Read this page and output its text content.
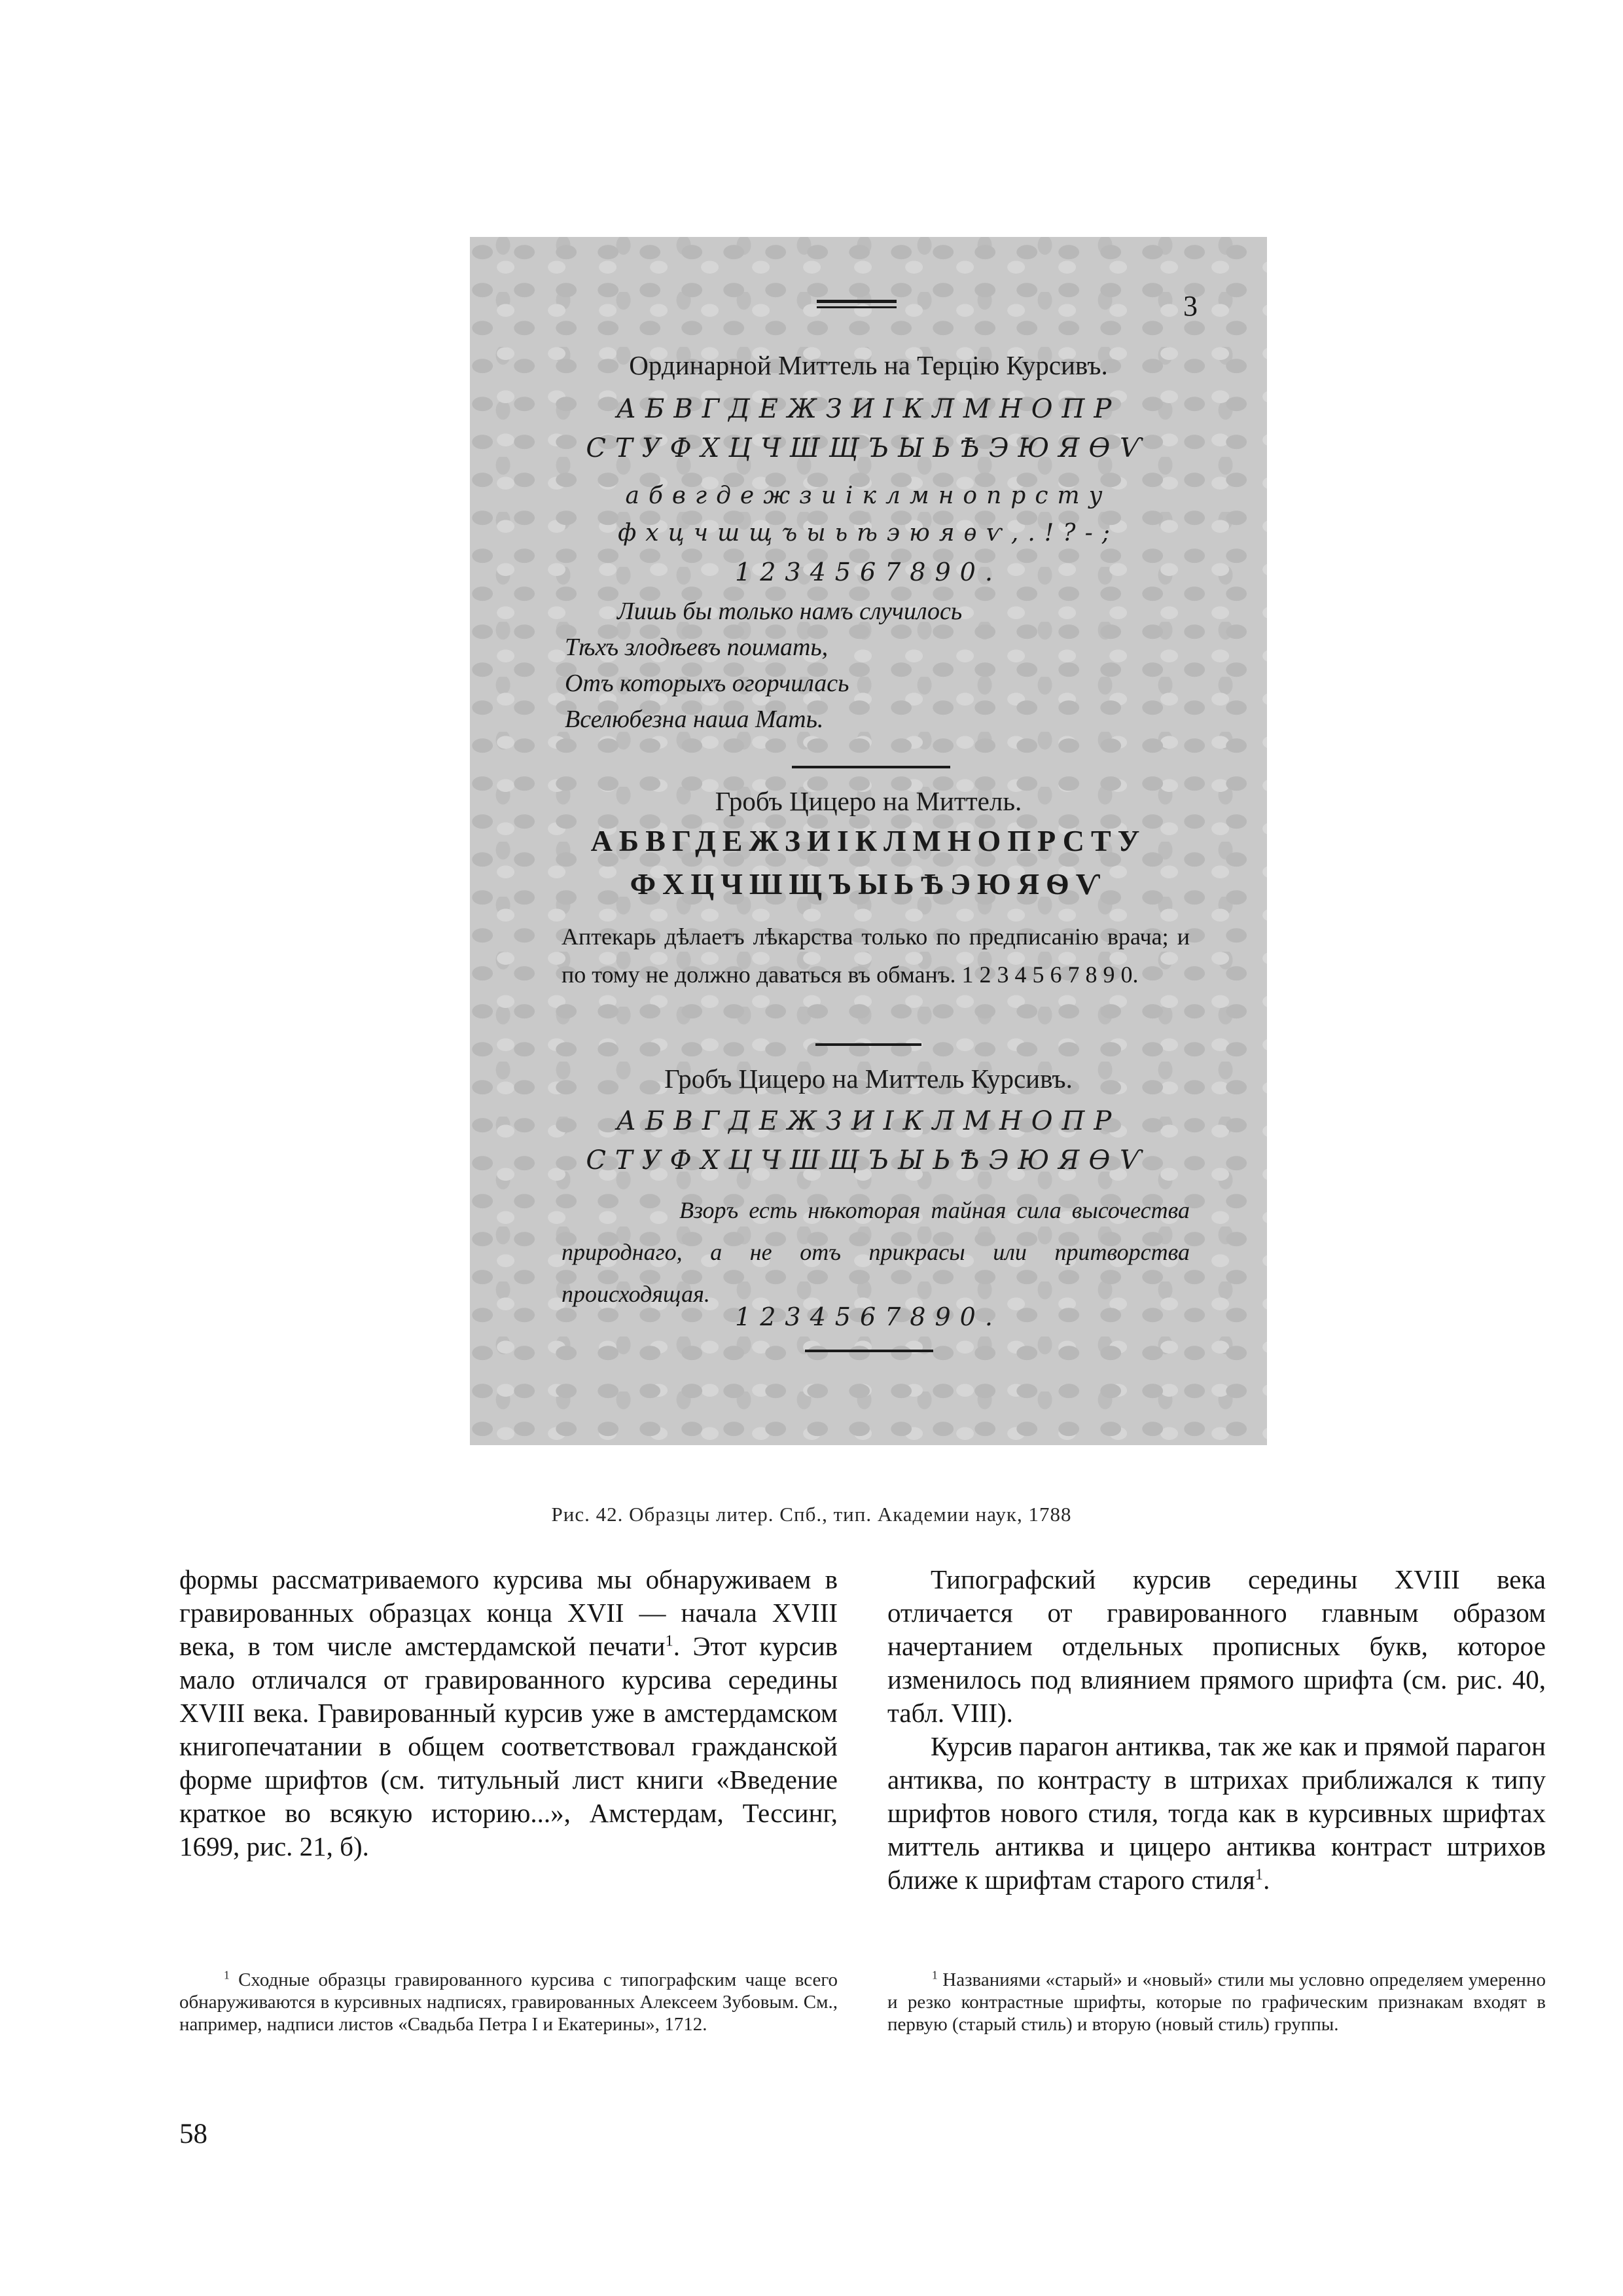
3
Ординарной Миттель на Терцію Курсивъ.
АБВГДЕЖЗИІКЛМНОПР
СТУФХЦЧШЩЪЫЬѢЭЮЯѲѴ
абвгдежзиіклмнопрсту
фхцчшщъыьѣэюяѳѵ,.!?-;
1234567890.
Лишь бы только намъ случилось
Тѣхъ злодѣевъ поимать,
Отъ которыхъ огорчилась
Вселюбезна наша Мать.
Гробъ Цицеро на Миттель.
АБВГДЕЖЗИІКЛМНОПРСТУ
ФХЦЧШЩЪЫЬѢЭЮЯѲѴ
Аптекарь дѣлаетъ лѣкарства только по предписанію врача; и по тому не должно даваться въ обманъ. 1 2 3 4 5 6 7 8 9 0.
Гробъ Цицеро на Миттель Курсивъ.
АБВГДЕЖЗИІКЛМНОПР
СТУФХЦЧШЩЪЫЬѢЭЮЯѲѴ
Взоръ есть нѣкоторая тайная сила высочества природнаго, а не отъ прикрасы или притворства происходящая.
1234567890.
Рис. 42. Образцы литер. Спб., тип. Академии наук, 1788

формы рассматриваемого курсива мы обнаруживаем в гравированных образцах конца XVII — начала XVIII века, в том числе амстердамской печати$^1$. Этот курсив мало отличался от гравированного курсива середины XVIII века. Гравированный курсив уже в амстердамском книгопечатании в общем соответствовал гражданской форме шрифтов (см. титульный лист книги «Введение краткое во всякую историю...», Амстердам, Тессинг, 1699, рис. 21, б).

Типографский курсив середины XVIII века отличается от гравированного главным образом начертанием отдельных прописных букв, которое изменилось под влиянием прямого шрифта (см. рис. 40, табл. VIII).

Курсив парагон антиква, так же как и прямой парагон антиква, по контрасту в штрихах приближался к типу шрифтов нового стиля, тогда как в курсивных шрифтах миттель антиква и цицеро антиква контраст штрихов ближе к шрифтам старого стиля$^1$.

$^1$ Сходные образцы гравированного курсива с типографским чаще всего обнаруживаются в курсивных надписях, гравированных Алексеем Зубовым. См., например, надписи листов «Свадьба Петра I и Екатерины», 1712.
$^1$ Названиями «старый» и «новый» стили мы условно определяем умеренно и резко контрастные шрифты, которые по графическим признакам входят в первую (старый стиль) и вторую (новый стиль) группы.
58
